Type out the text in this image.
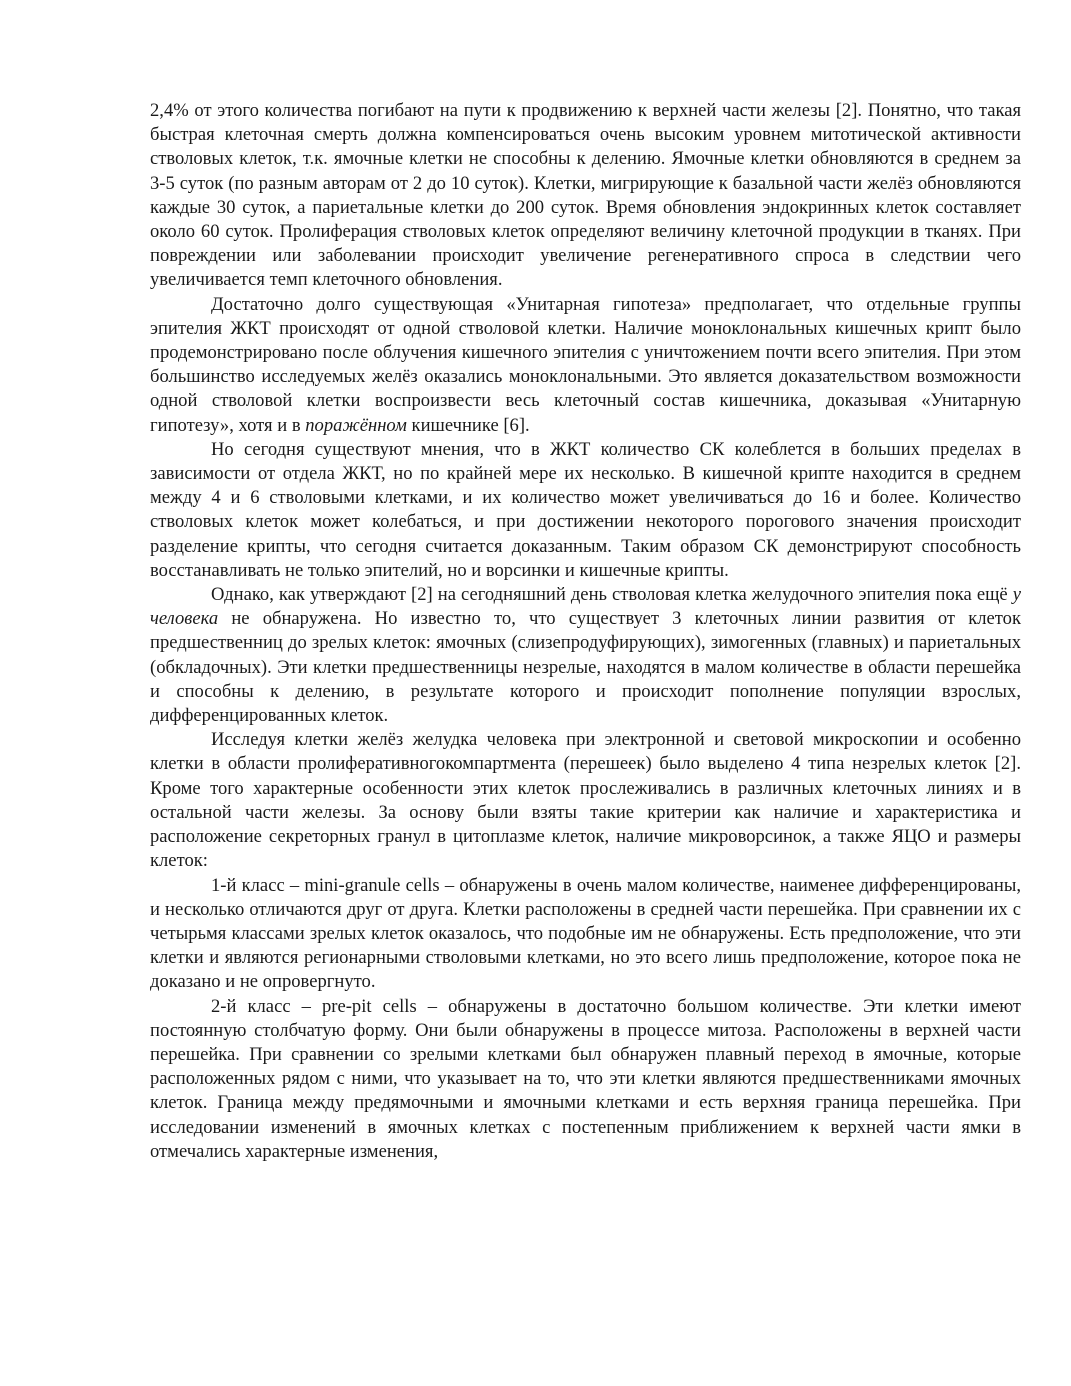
2,4% от этого количества погибают на пути к продвижению к верхней части железы [2]. Понятно, что такая быстрая клеточная смерть должна компенсироваться очень высоким уровнем митотической активности стволовых клеток, т.к. ямочные клетки не способны к делению. Ямочные клетки обновляются в среднем за 3-5 суток (по разным авторам от 2 до 10 суток). Клетки, мигрирующие к базальной части желёз обновляются каждые 30 суток, а париетальные клетки до 200 суток. Время обновления эндокринных клеток составляет около 60 суток. Пролиферация стволовых клеток определяют величину клеточной продукции в тканях. При повреждении или заболевании происходит увеличение регенеративного спроса в следствии чего увеличивается темп клеточного обновления.

Достаточно долго существующая «Унитарная гипотеза» предполагает, что отдельные группы эпителия ЖКТ происходят от одной стволовой клетки. Наличие моноклональных кишечных крипт было продемонстрировано после облучения кишечного эпителия с уничтожением почти всего эпителия. При этом большинство исследуемых желёз оказались моноклональными. Это является доказательством возможности одной стволовой клетки воспроизвести весь клеточный состав кишечника, доказывая «Унитарную гипотезу», хотя и в поражённом кишечнике [6].

Но сегодня существуют мнения, что в ЖКТ количество СК колеблется в больших пределах в зависимости от отдела ЖКТ, но по крайней мере их несколько. В кишечной крипте находится в среднем между 4 и 6 стволовыми клетками, и их количество может увеличиваться до 16 и более. Количество стволовых клеток может колебаться, и при достижении некоторого порогового значения происходит разделение крипты, что сегодня считается доказанным. Таким образом СК демонстрируют способность восстанавливать не только эпителий, но и ворсинки и кишечные крипты.

Однако, как утверждают [2] на сегодняшний день стволовая клетка желудочного эпителия пока ещё у человека не обнаружена. Но известно то, что существует 3 клеточных линии развития от клеток предшественниц до зрелых клеток: ямочных (слизепродуфирующих), зимогенных (главных) и париетальных (обкладочных). Эти клетки предшественницы незрелые, находятся в малом количестве в области перешейка и способны к делению, в результате которого и происходит пополнение популяции взрослых, дифференцированных клеток.

Исследуя клетки желёз желудка человека при электронной и световой микроскопии и особенно клетки в области пролиферативногокомпартмента (перешеек) было выделено 4 типа незрелых клеток [2]. Кроме того характерные особенности этих клеток прослеживались в различных клеточных линиях и в остальной части железы. За основу были взяты такие критерии как наличие и характеристика и расположение секреторных гранул в цитоплазме клеток, наличие микроворсинок, а также ЯЦО и размеры клеток:

1-й класс – mini-granule cells – обнаружены в очень малом количестве, наименее дифференцированы, и несколько отличаются друг от друга. Клетки расположены в средней части перешейка. При сравнении их с четырьмя классами зрелых клеток оказалось, что подобные им не обнаружены. Есть предположение, что эти клетки и являются регионарными стволовыми клетками, но это всего лишь предположение, которое пока не доказано и не опровергнуто.

2-й класс – pre-pit cells – обнаружены в достаточно большом количестве. Эти клетки имеют постоянную столбчатую форму. Они были обнаружены в процессе митоза. Расположены в верхней части перешейка. При сравнении со зрелыми клетками был обнаружен плавный переход в ямочные, которые расположенных рядом с ними, что указывает на то, что эти клетки являются предшественниками ямочных клеток. Граница между предямочными и ямочными клетками и есть верхняя граница перешейка. При исследовании изменений в ямочных клетках с постепенным приближением к верхней части ямки в отмечались характерные изменения,
